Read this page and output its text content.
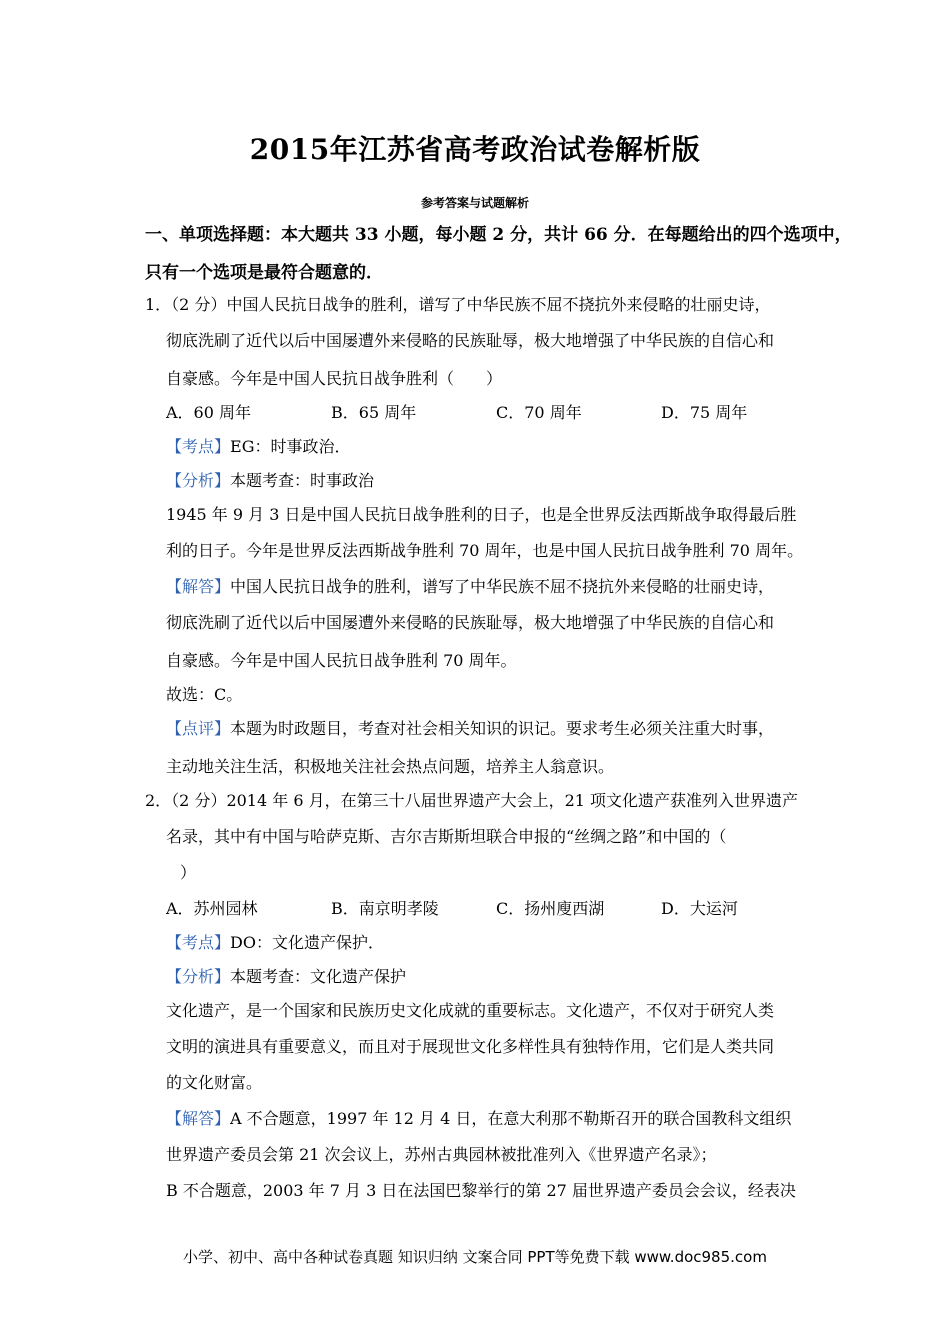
2015年江苏省高考政治试卷解析版
参考答案与试题解析
一、单项选择题：本大题共 33 小题，每小题 2 分，共计 66 分．在每题给出的四个选项中，
只有一个选项是最符合题意的．
1．（2 分）中国人民抗日战争的胜利，谱写了中华民族不屈不挠抗外来侵略的壮丽史诗，
彻底洗刷了近代以后中国屡遭外来侵略的民族耻辱，极大地增强了中华民族的自信心和
自豪感。今年是中国人民抗日战争胜利（　　）
A．60 周年	B．65 周年	C．70 周年	D．75 周年
【考点】EG：时事政治．
【分析】本题考查：时事政治
1945 年 9 月 3 日是中国人民抗日战争胜利的日子，也是全世界反法西斯战争取得最后胜
利的日子。今年是世界反法西斯战争胜利 70 周年，也是中国人民抗日战争胜利 70 周年。
【解答】中国人民抗日战争的胜利，谱写了中华民族不屈不挠抗外来侵略的壮丽史诗，
彻底洗刷了近代以后中国屡遭外来侵略的民族耻辱，极大地增强了中华民族的自信心和
自豪感。今年是中国人民抗日战争胜利 70 周年。
故选：C。
【点评】本题为时政题目，考查对社会相关知识的识记。要求考生必须关注重大时事，
主动地关注生活，积极地关注社会热点问题，培养主人翁意识。
2．（2 分）2014 年 6 月，在第三十八届世界遗产大会上，21 项文化遗产获准列入世界遗产
名录，其中有中国与哈萨克斯、吉尔吉斯斯坦联合申报的“丝绸之路”和中国的（
）
A．苏州园林	B．南京明孝陵	C．扬州廋西湖	D．大运河
【考点】DO：文化遗产保护．
【分析】本题考查：文化遗产保护
文化遗产，是一个国家和民族历史文化成就的重要标志。文化遗产，不仅对于研究人类
文明的演进具有重要意义，而且对于展现世文化多样性具有独特作用，它们是人类共同
的文化财富。
【解答】A 不合题意，1997 年 12 月 4 日，在意大利那不勒斯召开的联合国教科文组织
世界遗产委员会第 21 次会议上，苏州古典园林被批准列入《世界遗产名录》；
B 不合题意，2003 年 7 月 3 日在法国巴黎举行的第 27 届世界遗产委员会会议，经表决
小学、初中、高中各种试卷真题 知识归纳 文案合同 PPT等免费下载 www.doc985.com
